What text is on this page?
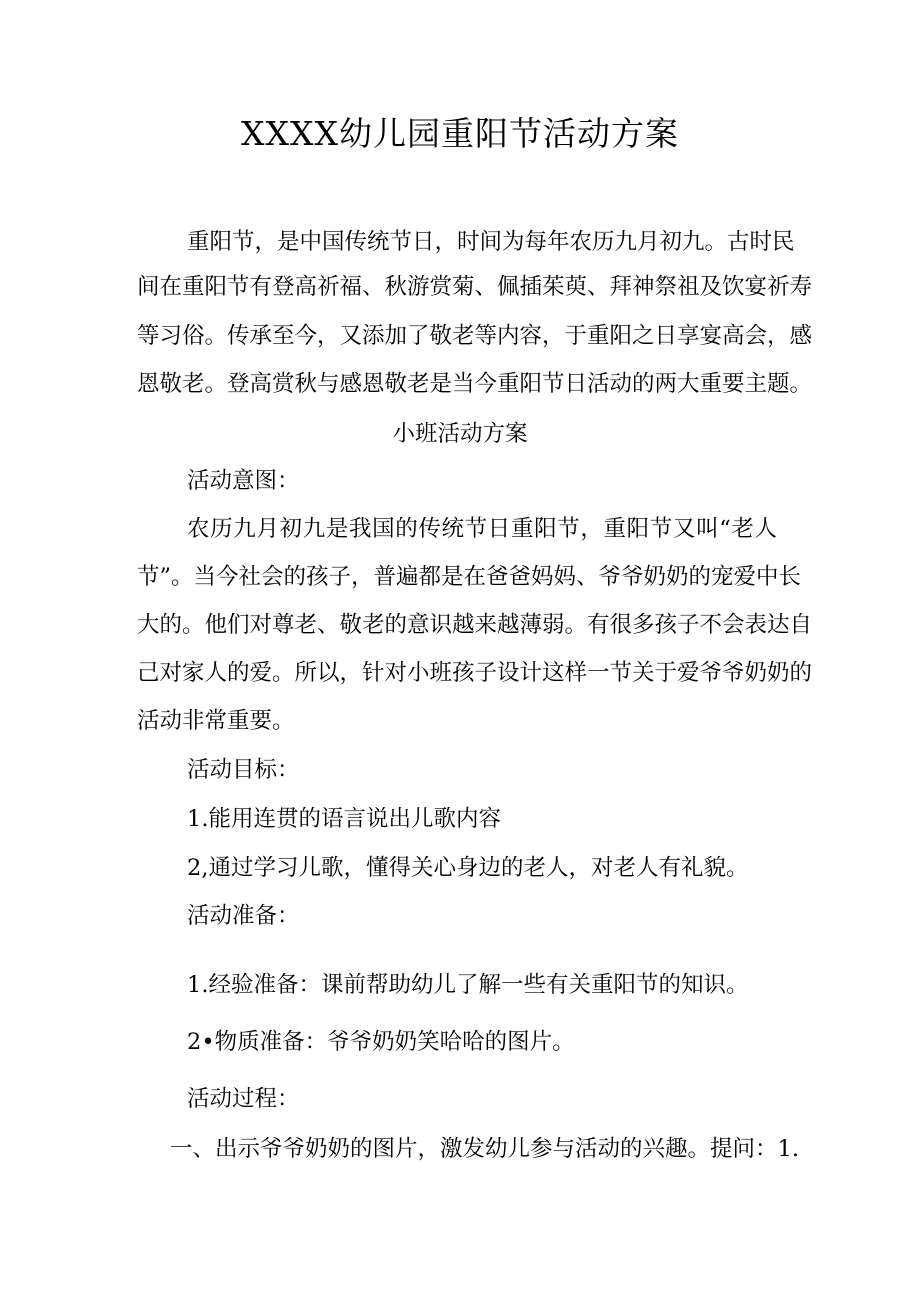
XXXX幼儿园重阳节活动方案
重阳节，是中国传统节日，时间为每年农历九月初九。古时民
间在重阳节有登高祈福、秋游赏菊、佩插茱萸、拜神祭祖及饮宴祈寿
等习俗。传承至今，又添加了敬老等内容，于重阳之日享宴高会，感
恩敬老。登高赏秋与感恩敬老是当今重阳节日活动的两大重要主题。
小班活动方案
活动意图：
农历九月初九是我国的传统节日重阳节，重阳节又叫“老人
节”。当今社会的孩子，普遍都是在爸爸妈妈、爷爷奶奶的宠爱中长
大的。他们对尊老、敬老的意识越来越薄弱。有很多孩子不会表达自
己对家人的爱。所以，针对小班孩子设计这样一节关于爱爷爷奶奶的
活动非常重要。
活动目标：
1.能用连贯的语言说出儿歌内容
2,通过学习儿歌，懂得关心身边的老人，对老人有礼貌。
活动准备：
1.经验准备：课前帮助幼儿了解一些有关重阳节的知识。
2•物质准备：爷爷奶奶笑哈哈的图片。
活动过程：
一、出示爷爷奶奶的图片，激发幼儿参与活动的兴趣。提问：1.
